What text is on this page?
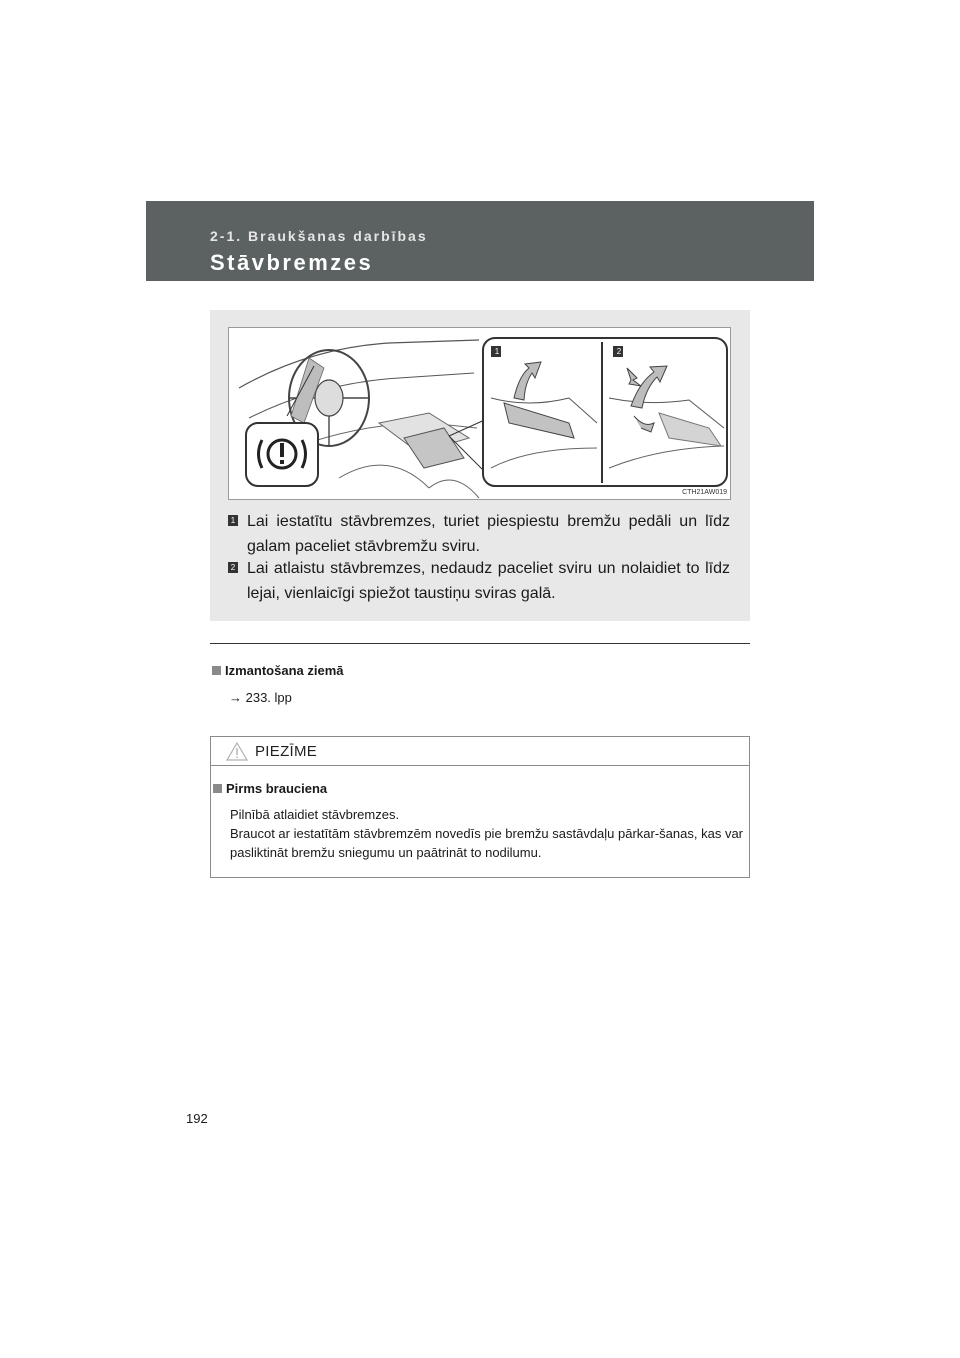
2-1. Braukšanas darbības
Stāvbremzes
1	2
CTH21AW019
1 Lai iestatītu stāvbremzes, turiet piespiestu bremžu pedāli un līdz galam paceliet stāvbremžu sviru.
2 Lai atlaistu stāvbremzes, nedaudz paceliet sviru un nolaidiet to līdz lejai, vienlaicīgi spiežot taustiņu sviras galā.
Izmantošana ziemā
→ 233. lpp
PIEZĪME
Pirms brauciena
Pilnībā atlaidiet stāvbremzes.
Braucot ar iestatītām stāvbremzēm novedīs pie bremžu sastāvdaļu pārkar-šanas, kas var pasliktināt bremžu sniegumu un paātrināt to nodilumu.
192
